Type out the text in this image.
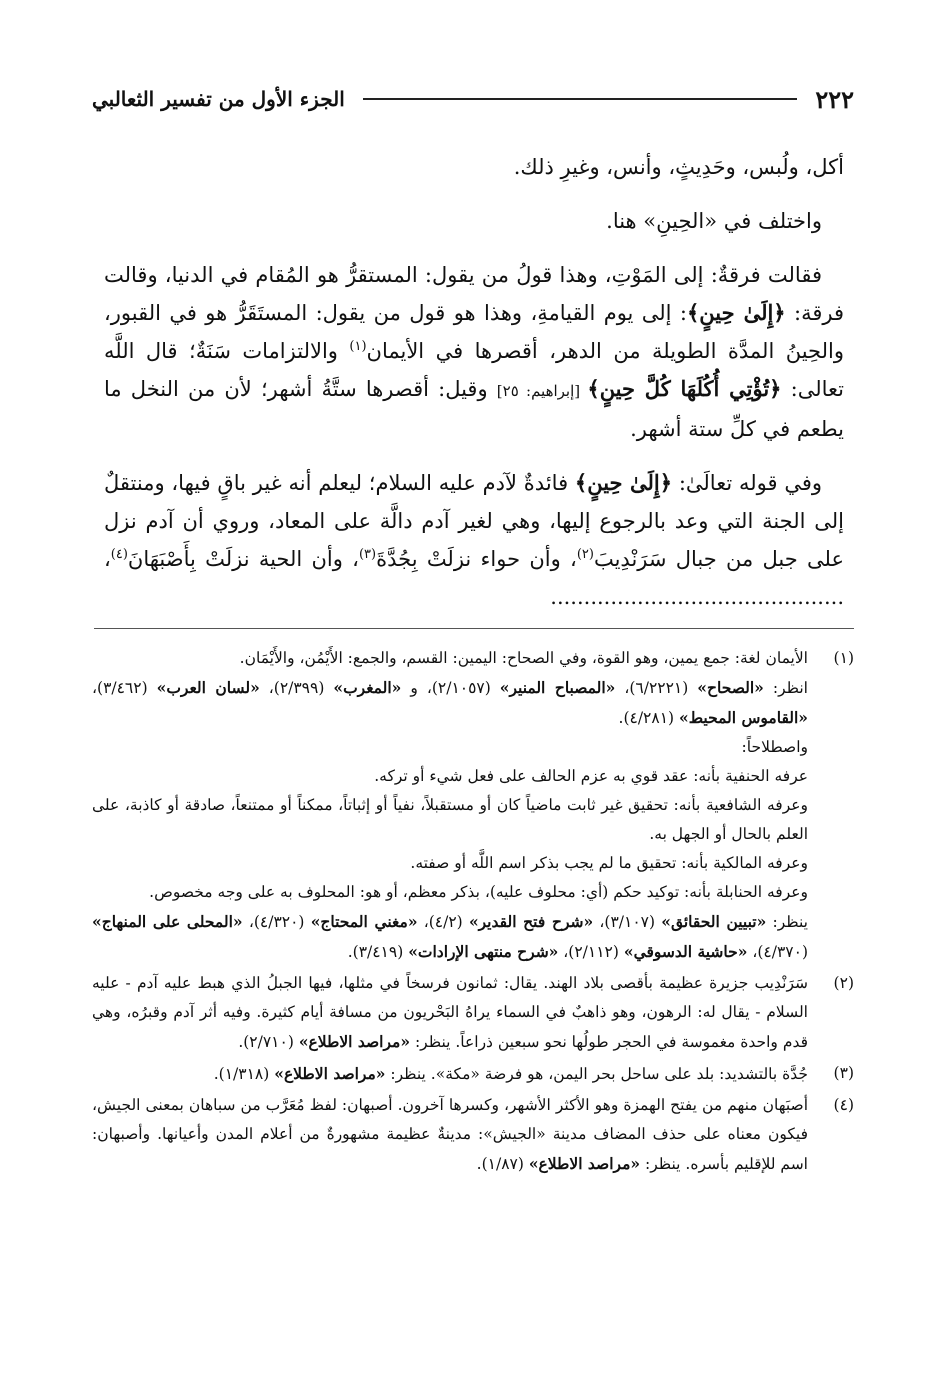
٢٢٢
الجزء الأول من تفسير الثعالبي

أكل، ولُبس، وحَدِيثٍ، وأنس، وغيرِ ذلك.

واختلف في «الحِينِ» هنا.

فقالت فرقةٌ: إلى المَوْتِ، وهذا قولُ من يقول: المستقرُّ هو المُقام في الدنيا، وقالت فرقة: ﴿إِلَىٰ حِينٍ﴾: إلى يوم القيامةِ، وهذا هو قول من يقول: المستَقَرُّ هو في القبور، والحِينُ المدَّة الطويلة من الدهر، أقصرها في الأيمان$^{(١)}$ والالتزامات سَنَةٌ؛ قال اللَّه تعالى: ﴿تُؤْتِي أُكُلَهَا كُلَّ حِينٍ﴾ [إبراهيم: ٢٥] وقيل: أقصرها ستَّةُ أشهر؛ لأن من النخل ما يطعم في كلِّ ستة أشهر.

وفي قوله تعالَىٰ: ﴿إِلَىٰ حِينٍ﴾ فائدةٌ لآدم عليه السلام؛ ليعلم أنه غير باقٍ فيها، ومنتقلٌ إلى الجنة التي وعد بالرجوع إليها، وهي لغير آدم دالَّة على المعاد، وروي أن آدم نزل على جبل من جبال سَرَنْدِيبَ$^{(٢)}$، وأن حواء نزلَتْ بِجُدَّةَ$^{(٣)}$، وأن الحية نزلَتْ بِأَصْبَهَانَ$^{(٤)}$، ............................................

(١)

الأيمان لغة: جمع يمين، وهو القوة، وفي الصحاح: اليمين: القسم، والجمع: الأَيْمُن، والأَيْمَان.

انظر: «الصحاح» (٦/٢٢٢١)، «المصباح المنير» (٢/١٠٥٧)، و «المغرب» (٢/٣٩٩)، «لسان العرب» (٣/٤٦٢)، «القاموس المحيط» (٤/٢٨١).

واصطلاحاً:

عرفه الحنفية بأنه: عقد قوي به عزم الحالف على فعل شيء أو تركه.

وعرفه الشافعية بأنه: تحقيق غير ثابت ماضياً كان أو مستقبلاً، نفياً أو إثباتاً، ممكناً أو ممتنعاً، صادقة أو كاذبة، على العلم بالحال أو الجهل به.

وعرفه المالكية بأنه: تحقيق ما لم يجب بذكر اسم اللَّه أو صفته.

وعرفه الحنابلة بأنه: توكيد حكم (أي: محلوف عليه)، بذكر معظم، أو هو: المحلوف به على وجه مخصوص.

ينظر: «تبيين الحقائق» (٣/١٠٧)، «شرح فتح القدير» (٤/٢)، «مغني المحتاج» (٤/٣٢٠)، «المحلى على المنهاج» (٤/٣٧٠)، «حاشية الدسوقي» (٢/١١٢)، «شرح منتهى الإرادات» (٣/٤١٩).

(٢)

سَرَنْدِيب جزيرة عظيمة بأقصى بلاد الهند. يقال: ثمانون فرسخاً في مثلها، فيها الجبلُ الذي هبط عليه آدم - عليه السلام - يقال له: الرهون، وهو ذاهبٌ في السماء يراهُ البَحْريون من مسافة أيام كثيرة. وفيه أثر آدم وقبرُه، وهي قدم واحدة مغموسة في الحجر طولُها نحو سبعين ذراعاً. ينظر: «مراصد الاطلاع» (٢/٧١٠).

(٣)

جُدَّة بالتشديد: بلد على ساحل بحر اليمن، هو فرضة «مكة». ينظر: «مراصد الاطلاع» (١/٣١٨).

(٤)

أصبَهان منهم من يفتح الهمزة وهو الأكثر الأشهر، وكسرها آخرون. أصبهان: لفظ مُعَرَّب من سباهان بمعنى الجيش، فيكون معناه على حذف المضاف مدينة «الجيش»: مدينةٌ عظيمة مشهورةٌ من أعلام المدن وأعيانها. وأصبهان: اسم للإقليم بأسره. ينظر: «مراصد الاطلاع» (١/٨٧).
